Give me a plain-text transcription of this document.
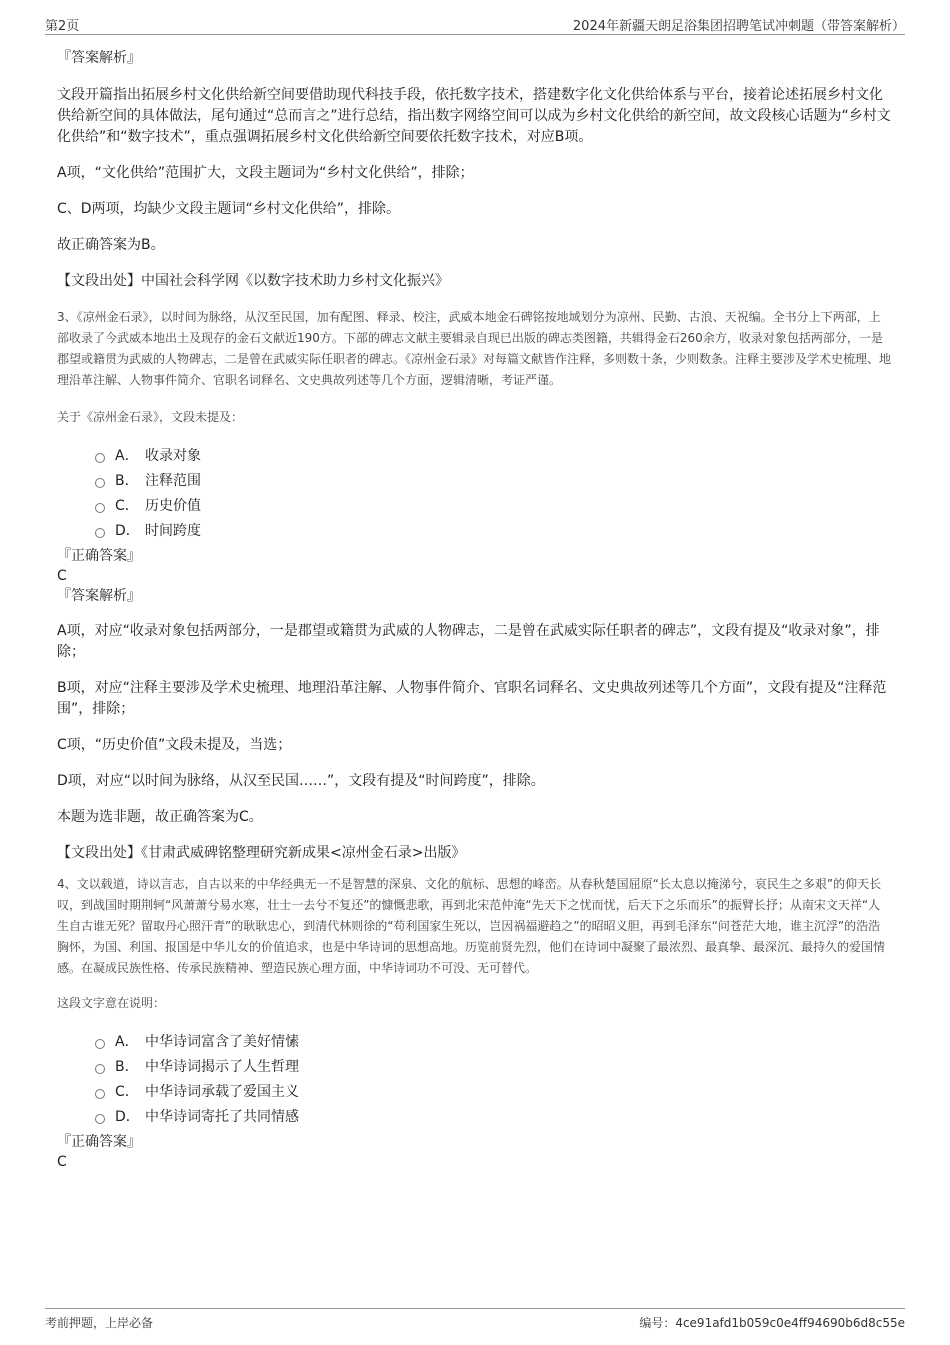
第2页	2024年新疆天朗足浴集团招聘笔试冲刺题（带答案解析）

『答案解析』

文段开篇指出拓展乡村文化供给新空间要借助现代科技手段，依托数字技术，搭建数字化文化供给体系与平台，接着论述拓展乡村文化供给新空间的具体做法，尾句通过“总而言之”进行总结，指出数字网络空间可以成为乡村文化供给的新空间，故文段核心话题为“乡村文化供给”和“数字技术”，重点强调拓展乡村文化供给新空间要依托数字技术，对应B项。

A项，“文化供给”范围扩大，文段主题词为“乡村文化供给”，排除；

C、D两项，均缺少文段主题词“乡村文化供给”，排除。

故正确答案为B。

【文段出处】中国社会科学网《以数字技术助力乡村文化振兴》

3、《凉州金石录》，以时间为脉络，从汉至民国，加有配图、释录、校注，武威本地金石碑铭按地域划分为凉州、民勤、古浪、天祝编。全书分上下两部，上部收录了今武威本地出土及现存的金石文献近190方。下部的碑志文献主要辑录自现已出版的碑志类图籍，共辑得金石260余方，收录对象包括两部分，一是郡望或籍贯为武威的人物碑志，二是曾在武威实际任职者的碑志。《凉州金石录》对每篇文献皆作注释，多则数十条，少则数条。注释主要涉及学术史梳理、地理沿革注解、人物事件简介、官职名词释名、文史典故列述等几个方面，逻辑清晰，考证严谨。

关于《凉州金石录》，文段未提及：

A． 收录对象
B． 注释范围
C． 历史价值
D． 时间跨度

『正确答案』

C

『答案解析』

A项，对应“收录对象包括两部分，一是郡望或籍贯为武威的人物碑志，二是曾在武威实际任职者的碑志”，文段有提及“收录对象”，排除；

B项，对应“注释主要涉及学术史梳理、地理沿革注解、人物事件简介、官职名词释名、文史典故列述等几个方面”，文段有提及“注释范围”，排除；

C项，“历史价值”文段未提及，当选；

D项，对应“以时间为脉络，从汉至民国……”，文段有提及“时间跨度”，排除。

本题为选非题，故正确答案为C。

【文段出处】《甘肃武威碑铭整理研究新成果<凉州金石录>出版》

4、文以载道，诗以言志，自古以来的中华经典无一不是智慧的深泉、文化的航标、思想的峰峦。从春秋楚国屈原“长太息以掩涕兮，哀民生之多艰”的仰天长叹，到战国时期荆轲“风萧萧兮易水寒，壮士一去兮不复还”的慷慨悲歌，再到北宋范仲淹“先天下之忧而忧，后天下之乐而乐”的振臂长抒；从南宋文天祥“人生自古谁无死？留取丹心照汗青”的耿耿忠心，到清代林则徐的“苟利国家生死以，岂因祸福避趋之”的昭昭义胆，再到毛泽东“问苍茫大地，谁主沉浮”的浩浩胸怀，为国、利国、报国是中华儿女的价值追求，也是中华诗词的思想高地。历览前贤先烈，他们在诗词中凝聚了最浓烈、最真挚、最深沉、最持久的爱国情感。在凝成民族性格、传承民族精神、塑造民族心理方面，中华诗词功不可没、无可替代。

这段文字意在说明：

A． 中华诗词富含了美好情愫
B． 中华诗词揭示了人生哲理
C． 中华诗词承载了爱国主义
D． 中华诗词寄托了共同情感

『正确答案』

C

考前押题，上岸必备	编号：4ce91afd1b059c0e4ff94690b6d8c55e
